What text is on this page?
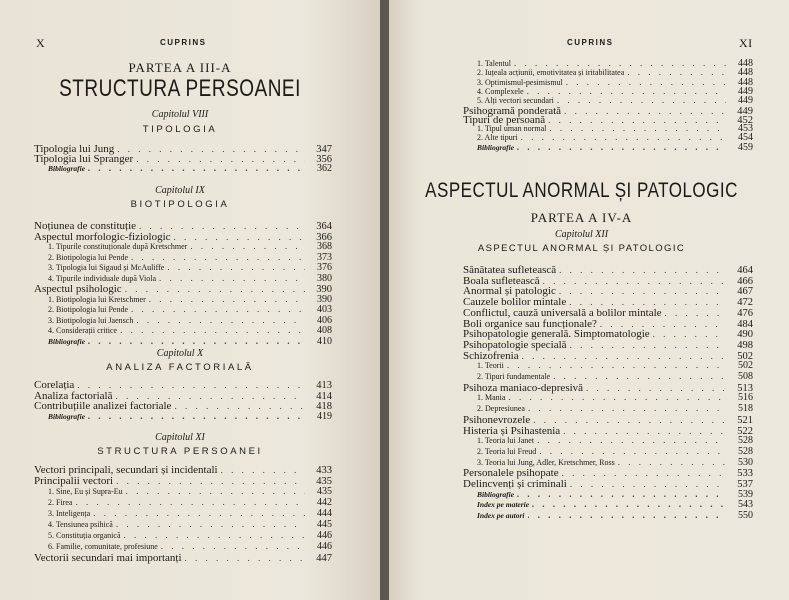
X	CUPRINS
PARTEA A III-A
STRUCTURA PERSOANEI
Capitolul VIII
TIPOLOGIA
Tipologia lui Jung . . .	347
Tipologia lui Spranger . . .	356
Bibliografie . . .	362
Capitolul IX
BIOTIPOLOGIA
Noțiunea de constituție . . .	364
Aspectul morfologic-fiziologic . . .	366
1. Tipurile constituționale după Kretschmer . . .	368
2. Biotipologia lui Pende . . .	373
3. Tipologia lui Sigaud și McAuliffe . . .	376
4. Tipurile individuale după Viola . . .	380
Aspectul psihologic . . .	390
1. Biotipologia lui Kretschmer . . .	390
2. Biotipologia lui Pende . . .	403
3. Biotipologia lui Jaensch . . .	406
4. Considerații critice . . .	408
Bibliografie . . .	410
Capitolul X
ANALIZA FACTORIALĂ
Corelația . . .	413
Analiza factorială . . .	414
Contribuțiile analizei factoriale . . .	418
Bibliografie . . .	419
Capitolul XI
STRUCTURA PERSOANEI
Vectori principali, secundari și incidentali . . .	433
Principalii vectori . . .	435
1. Sine, Eu și Supra-Eu . . .	435
2. Firea . . .	442
3. Inteligența . . .	444
4. Tensiunea psihică . . .	445
5. Constituția organică . . .	446
6. Familie, comunitate, profesiune . . .	446
Vectorii secundari mai importanți . . .	447
CUPRINS	XI
1. Talentul . . .	448
2. Iuțeala acțiunii, emotivitatea și iritabilitatea . . .	448
3. Optimismul-pesimismul . . .	448
4. Complexele . . .	449
5. Alți vectori secundari . . .	449
Psihogramă ponderată . . .	449
Tipuri de persoană . . .	452
1. Tipul uman normal . . .	453
2. Alte tipuri . . .	454
Bibliografie . . .	459
ASPECTUL ANORMAL ȘI PATOLOGIC
PARTEA A IV-A
Capitolul XII
ASPECTUL ANORMAL ȘI PATOLOGIC
Sănătatea sufletească . . .	464
Boala sufletească . . .	466
Anormal și patologic . . .	467
Cauzele bolilor mintale . . .	472
Conflictul, cauză universală a bolilor mintale . . .	476
Boli organice sau funcționale? . . .	484
Psihopatologie generală. Simptomatologie . . .	490
Psihopatologie specială . . .	498
Schizofrenia . . .	502
1. Teorii . . .	502
2. Tipuri fundamentale . . .	508
Psihoza maniaco-depresivă . . .	513
1. Mania . . .	516
2. Depresiunea . . .	518
Psihonevrozele . . .	521
Histeria și Psihastenia . . .	522
1. Teoria lui Janet . . .	528
2. Teoria lui Freud . . .	528
3. Teoria lui Jung, Adler, Kretschmer, Ross . . .	530
Personalele psihopate . . .	533
Delincvenți și criminali . . .	537
Bibliografie . . .	539
Index pe materie . . .	543
Index pe autori . . .	550
